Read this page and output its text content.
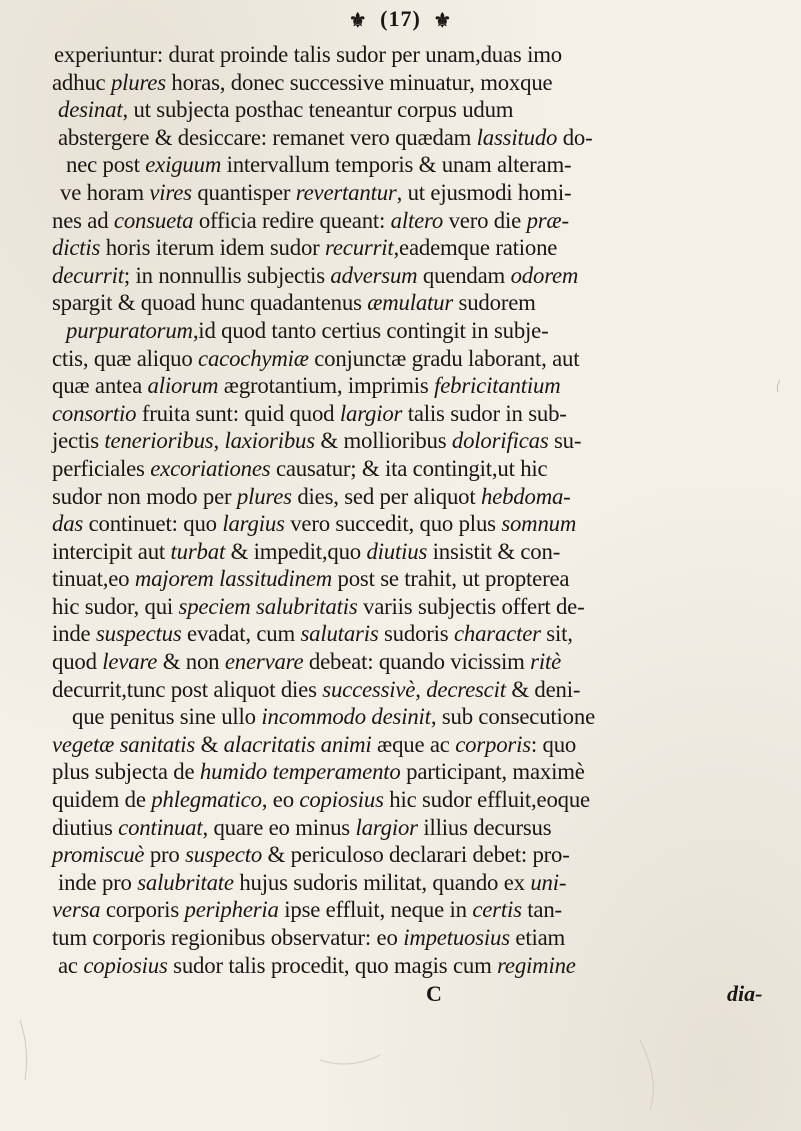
⚜ (17) ⚜
experiuntur: durat proinde talis sudor per unam,duas imo
adhuc plures horas, donec successive minuatur, moxque
desinat, ut subjecta posthac teneantur corpus udum
abstergere & desiccare: remanet vero quædam lassitudo do-
nec post exiguum intervallum temporis & unam alteram-
ve horam vires quantisper revertantur, ut ejusmodi homi-
nes ad consueta officia redire queant: altero vero die præ-
dictis horis iterum idem sudor recurrit,eademque ratione
decurrit; in nonnullis subjectis adversum quendam odorem
spargit & quoad hunc quadantenus æmulatur sudorem
purpuratorum,id quod tanto certius contingit in subje-
ctis, quæ aliquo cacochymiæ conjunctæ gradu laborant, aut
quæ antea aliorum ægrotantium, imprimis febricitantium
consortio fruita sunt: quid quod largior talis sudor in sub-
jectis tenerioribus, laxioribus & mollioribus dolorificas su-
perficiales excoriationes causatur; & ita contingit,ut hic
sudor non modo per plures dies, sed per aliquot hebdoma-
das continuet: quo largius vero succedit, quo plus somnum
intercipit aut turbat & impedit,quo diutius insistit & con-
tinuat,eo majorem lassitudinem post se trahit, ut propterea
hic sudor, qui speciem salubritatis variis subjectis offert de-
inde suspectus evadat, cum salutaris sudoris character sit,
quod levare & non enervare debeat: quando vicissim ritè
decurrit,tunc post aliquot dies successivè, decrescit & deni-
que penitus sine ullo incommodo desinit, sub consecutione
vegetæ sanitatis & alacritatis animi æque ac corporis: quo
plus subjecta de humido temperamento participant, maximè
quidem de phlegmatico, eo copiosius hic sudor effluit,eoque
diutius continuat, quare eo minus largior illius decursus
promiscuè pro suspecto & periculoso declarari debet: pro-
inde pro salubritate hujus sudoris militat, quando ex uni-
versa corporis peripheria ipse effluit, neque in certis tan-
tum corporis regionibus observatur: eo impetuosius etiam
ac copiosius sudor talis procedit, quo magis cum regimine
C	dia-
